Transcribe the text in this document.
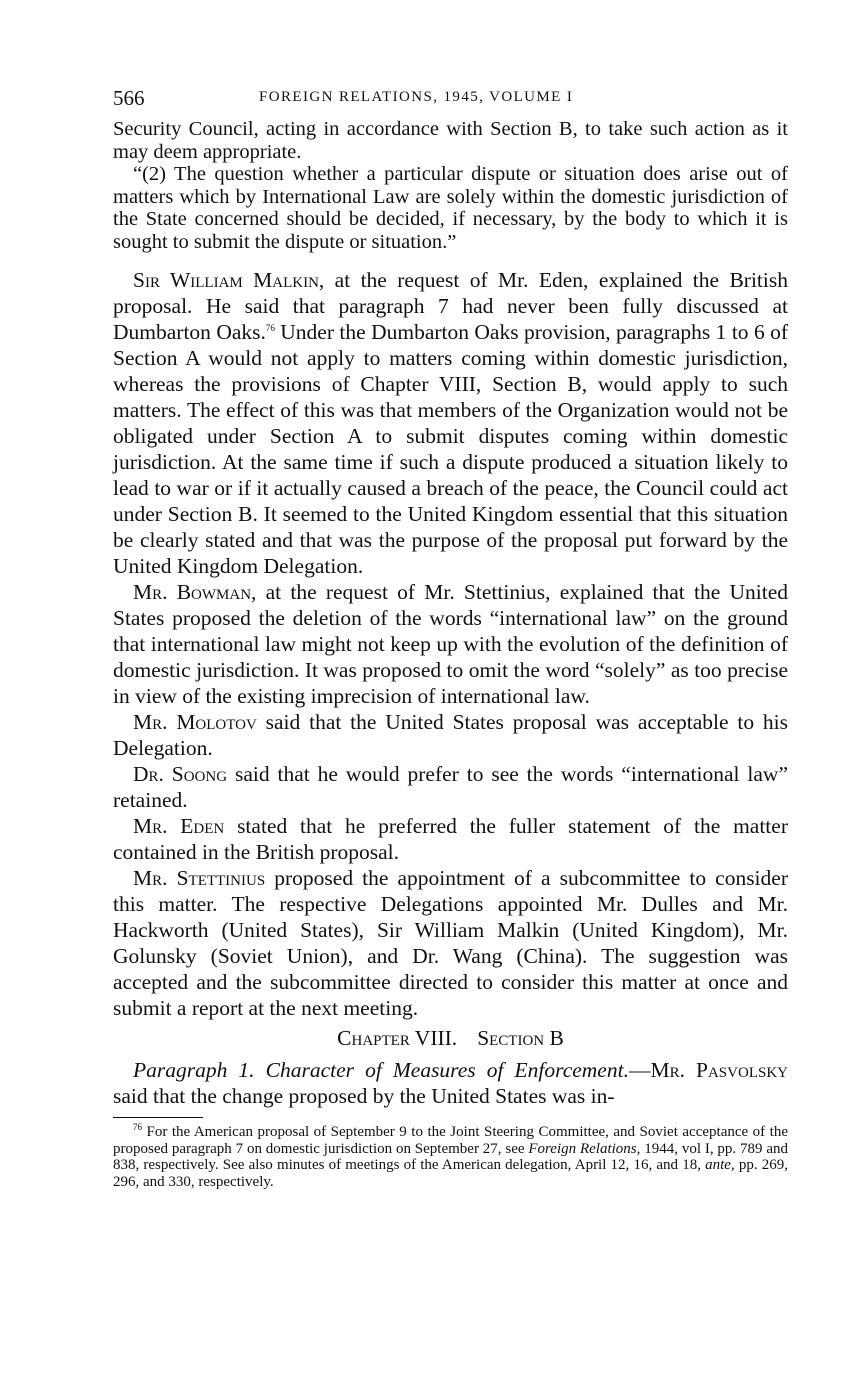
566	FOREIGN RELATIONS, 1945, VOLUME I

Security Council, acting in accordance with Section B, to take such action as it may deem appropriate.

“(2) The question whether a particular dispute or situation does arise out of matters which by International Law are solely within the domestic jurisdiction of the State concerned should be decided, if necessary, by the body to which it is sought to submit the dispute or situation.”

Sir William Malkin, at the request of Mr. Eden, explained the British proposal. He said that paragraph 7 had never been fully discussed at Dumbarton Oaks.$^{76}$ Under the Dumbarton Oaks provision, paragraphs 1 to 6 of Section A would not apply to matters coming within domestic jurisdiction, whereas the provisions of Chapter VIII, Section B, would apply to such matters. The effect of this was that members of the Organization would not be obligated under Section A to submit disputes coming within domestic jurisdiction. At the same time if such a dispute produced a situation likely to lead to war or if it actually caused a breach of the peace, the Council could act under Section B. It seemed to the United Kingdom essential that this situation be clearly stated and that was the purpose of the proposal put forward by the United Kingdom Delegation.

Mr. Bowman, at the request of Mr. Stettinius, explained that the United States proposed the deletion of the words “international law” on the ground that international law might not keep up with the evolution of the definition of domestic jurisdiction. It was proposed to omit the word “solely” as too precise in view of the existing imprecision of international law.

Mr. Molotov said that the United States proposal was acceptable to his Delegation.

Dr. Soong said that he would prefer to see the words “international law” retained.

Mr. Eden stated that he preferred the fuller statement of the matter contained in the British proposal.

Mr. Stettinius proposed the appointment of a subcommittee to consider this matter. The respective Delegations appointed Mr. Dulles and Mr. Hackworth (United States), Sir William Malkin (United Kingdom), Mr. Golunsky (Soviet Union), and Dr. Wang (China). The suggestion was accepted and the subcommittee directed to consider this matter at once and submit a report at the next meeting.

Chapter VIII. Section B

Paragraph 1. Character of Measures of Enforcement.—Mr. Pasvolsky said that the change proposed by the United States was in-

$^{76}$ For the American proposal of September 9 to the Joint Steering Committee, and Soviet acceptance of the proposed paragraph 7 on domestic jurisdiction on September 27, see Foreign Relations, 1944, vol I, pp. 789 and 838, respectively. See also minutes of meetings of the American delegation, April 12, 16, and 18, ante, pp. 269, 296, and 330, respectively.
